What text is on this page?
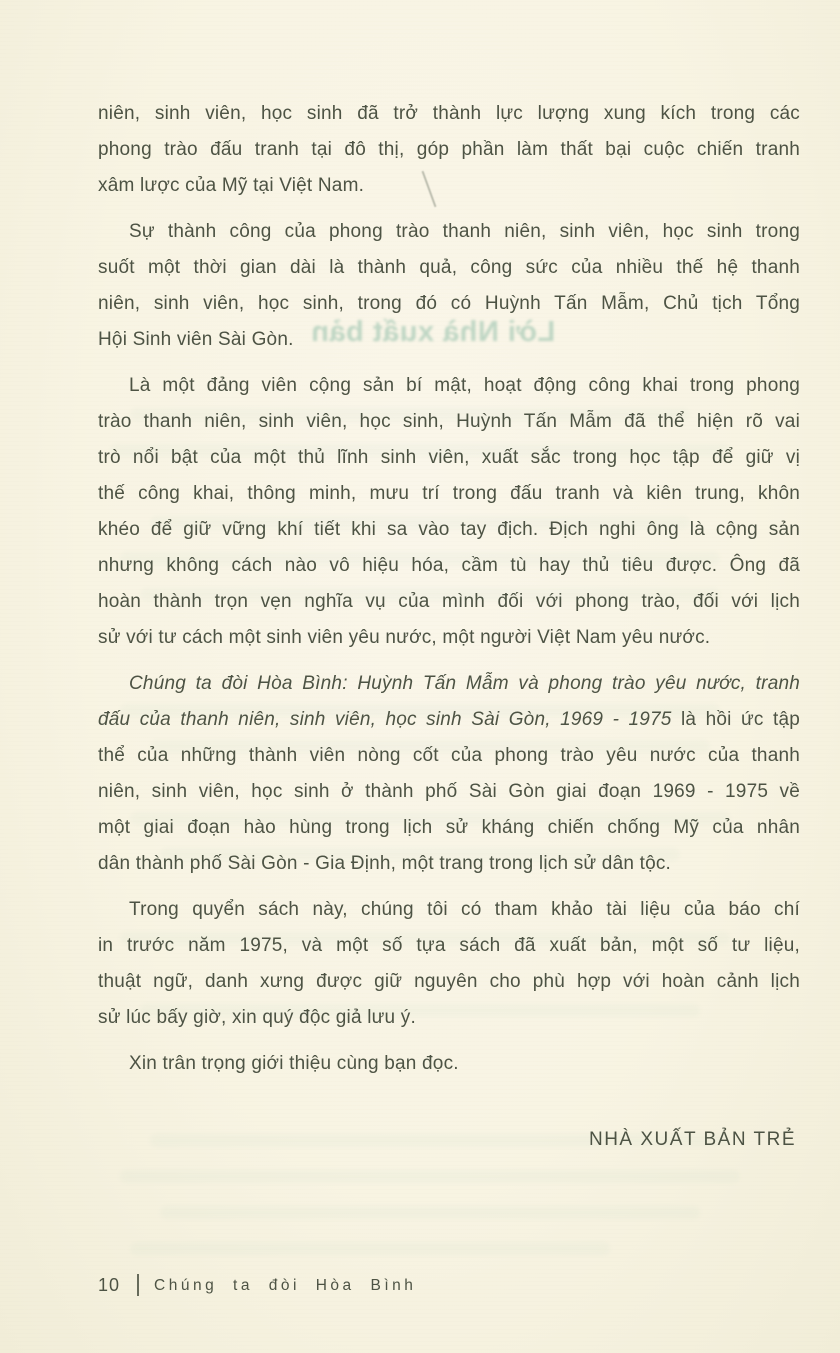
Lời Nhà xuất bản
niên, sinh viên, học sinh đã trở thành lực lượng xung kích trong các
phong trào đấu tranh tại đô thị, góp phần làm thất bại cuộc chiến tranh
xâm lược của Mỹ tại Việt Nam.
Sự thành công của phong trào thanh niên, sinh viên, học sinh trong
suốt một thời gian dài là thành quả, công sức của nhiều thế hệ thanh
niên, sinh viên, học sinh, trong đó có Huỳnh Tấn Mẫm, Chủ tịch Tổng
Hội Sinh viên Sài Gòn.
Là một đảng viên cộng sản bí mật, hoạt động công khai trong phong
trào thanh niên, sinh viên, học sinh, Huỳnh Tấn Mẫm đã thể hiện rõ vai
trò nổi bật của một thủ lĩnh sinh viên, xuất sắc trong học tập để giữ vị
thế công khai, thông minh, mưu trí trong đấu tranh và kiên trung, khôn
khéo để giữ vững khí tiết khi sa vào tay địch. Địch nghi ông là cộng sản
nhưng không cách nào vô hiệu hóa, cầm tù hay thủ tiêu được. Ông đã
hoàn thành trọn vẹn nghĩa vụ của mình đối với phong trào, đối với lịch
sử với tư cách một sinh viên yêu nước, một người Việt Nam yêu nước.
Chúng ta đòi Hòa Bình: Huỳnh Tấn Mẫm và phong trào yêu nước, tranh
đấu của thanh niên, sinh viên, học sinh Sài Gòn, 1969 - 1975 là hồi ức tập
thể của những thành viên nòng cốt của phong trào yêu nước của thanh
niên, sinh viên, học sinh ở thành phố Sài Gòn giai đoạn 1969 - 1975 về
một giai đoạn hào hùng trong lịch sử kháng chiến chống Mỹ của nhân
dân thành phố Sài Gòn - Gia Định, một trang trong lịch sử dân tộc.
Trong quyển sách này, chúng tôi có tham khảo tài liệu của báo chí
in trước năm 1975, và một số tựa sách đã xuất bản, một số tư liệu,
thuật ngữ, danh xưng được giữ nguyên cho phù hợp với hoàn cảnh lịch
sử lúc bấy giờ, xin quý độc giả lưu ý.
Xin trân trọng giới thiệu cùng bạn đọc.
NHÀ XUẤT BẢN TRẺ
10 Chúng ta đòi Hòa Bình
